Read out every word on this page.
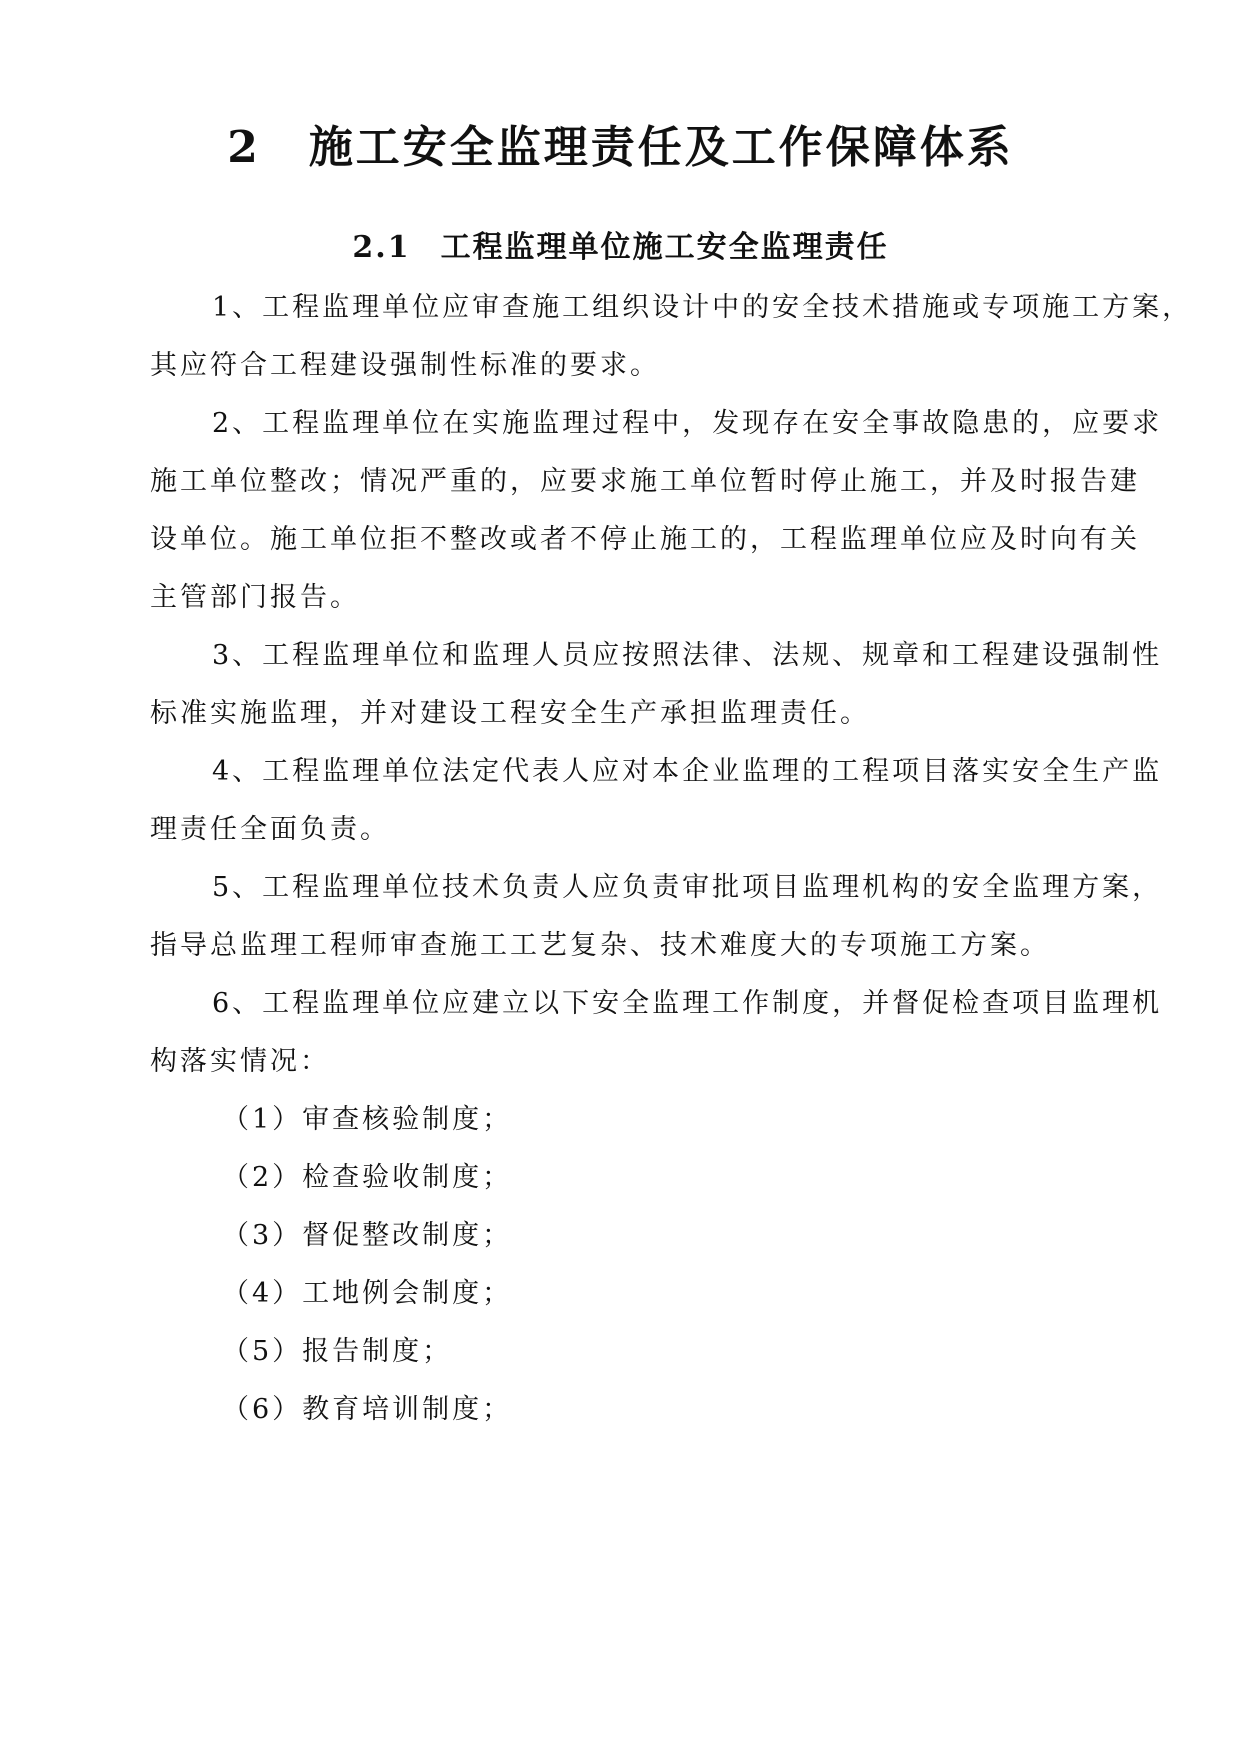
2 施工安全监理责任及工作保障体系
2.1 工程监理单位施工安全监理责任
1、工程监理单位应审查施工组织设计中的安全技术措施或专项施工方案，
其应符合工程建设强制性标准的要求。
2、工程监理单位在实施监理过程中，发现存在安全事故隐患的，应要求
施工单位整改；情况严重的，应要求施工单位暂时停止施工，并及时报告建
设单位。施工单位拒不整改或者不停止施工的，工程监理单位应及时向有关
主管部门报告。
3、工程监理单位和监理人员应按照法律、法规、规章和工程建设强制性
标准实施监理，并对建设工程安全生产承担监理责任。
4、工程监理单位法定代表人应对本企业监理的工程项目落实安全生产监
理责任全面负责。
5、工程监理单位技术负责人应负责审批项目监理机构的安全监理方案，
指导总监理工程师审查施工工艺复杂、技术难度大的专项施工方案。
6、工程监理单位应建立以下安全监理工作制度，并督促检查项目监理机
构落实情况：
（1）审查核验制度；
（2）检查验收制度；
（3）督促整改制度；
（4）工地例会制度；
（5）报告制度；
（6）教育培训制度；
